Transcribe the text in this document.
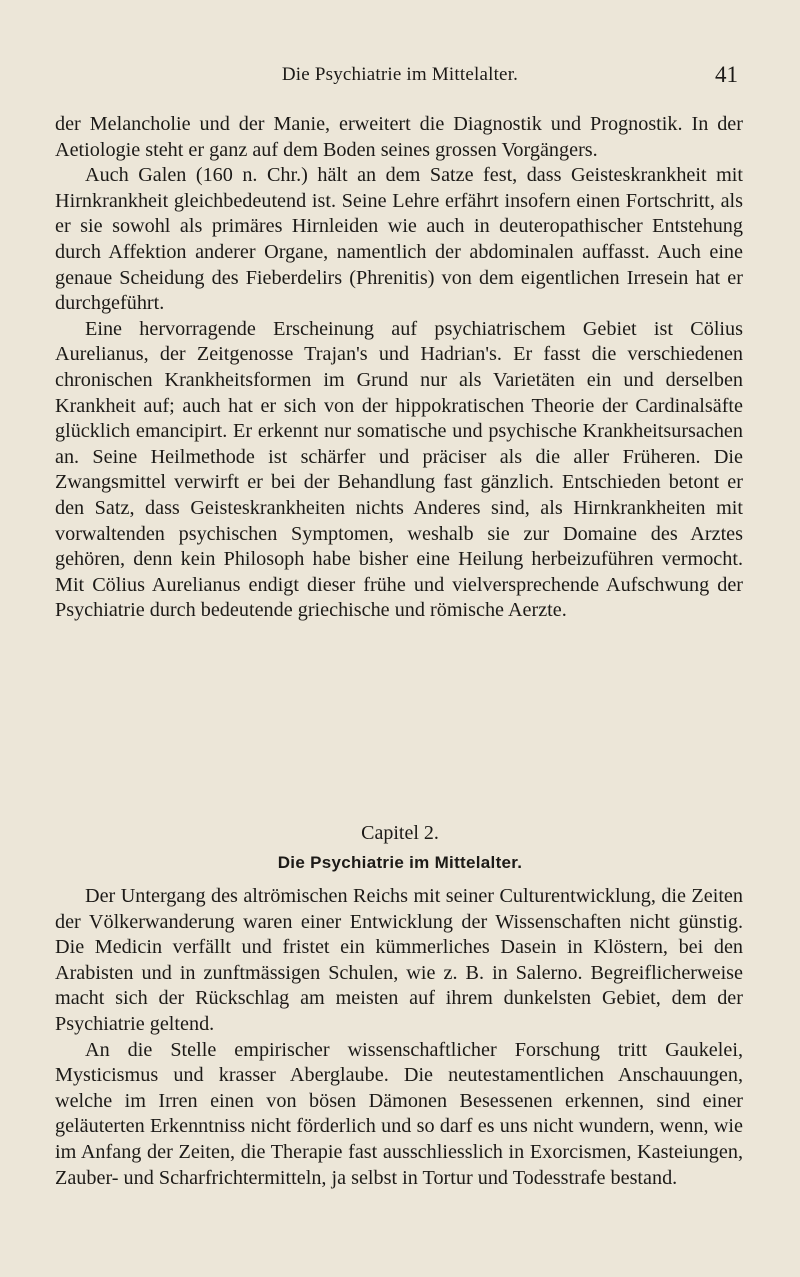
Die Psychiatrie im Mittelalter.	41

der Melancholie und der Manie, erweitert die Diagnostik und Prognostik. In der Aetiologie steht er ganz auf dem Boden seines grossen Vorgängers.

Auch Galen (160 n. Chr.) hält an dem Satze fest, dass Geisteskrankheit mit Hirnkrankheit gleichbedeutend ist. Seine Lehre erfährt insofern einen Fortschritt, als er sie sowohl als primäres Hirnleiden wie auch in deuteropathischer Entstehung durch Affektion anderer Organe, namentlich der abdominalen auffasst. Auch eine genaue Scheidung des Fieberdelirs (Phrenitis) von dem eigentlichen Irresein hat er durchgeführt.

Eine hervorragende Erscheinung auf psychiatrischem Gebiet ist Cölius Aurelianus, der Zeitgenosse Trajan's und Hadrian's. Er fasst die verschiedenen chronischen Krankheitsformen im Grund nur als Varietäten ein und derselben Krankheit auf; auch hat er sich von der hippokratischen Theorie der Cardinalsäfte glücklich emancipirt. Er erkennt nur somatische und psychische Krankheitsursachen an. Seine Heilmethode ist schärfer und präciser als die aller Früheren. Die Zwangsmittel verwirft er bei der Behandlung fast gänzlich. Entschieden betont er den Satz, dass Geisteskrankheiten nichts Anderes sind, als Hirnkrankheiten mit vorwaltenden psychischen Symptomen, weshalb sie zur Domaine des Arztes gehören, denn kein Philosoph habe bisher eine Heilung herbeizuführen vermocht. Mit Cölius Aurelianus endigt dieser frühe und vielversprechende Aufschwung der Psychiatrie durch bedeutende griechische und römische Aerzte.

Capitel 2.
Die Psychiatrie im Mittelalter.

Der Untergang des altrömischen Reichs mit seiner Culturentwicklung, die Zeiten der Völkerwanderung waren einer Entwicklung der Wissenschaften nicht günstig. Die Medicin verfällt und fristet ein kümmerliches Dasein in Klöstern, bei den Arabisten und in zunftmässigen Schulen, wie z. B. in Salerno. Begreiflicherweise macht sich der Rückschlag am meisten auf ihrem dunkelsten Gebiet, dem der Psychiatrie geltend.

An die Stelle empirischer wissenschaftlicher Forschung tritt Gaukelei, Mysticismus und krasser Aberglaube. Die neutestamentlichen Anschauungen, welche im Irren einen von bösen Dämonen Besessenen erkennen, sind einer geläuterten Erkenntniss nicht förderlich und so darf es uns nicht wundern, wenn, wie im Anfang der Zeiten, die Therapie fast ausschliesslich in Exorcismen, Kasteiungen, Zauber- und Scharfrichtermitteln, ja selbst in Tortur und Todesstrafe bestand.
